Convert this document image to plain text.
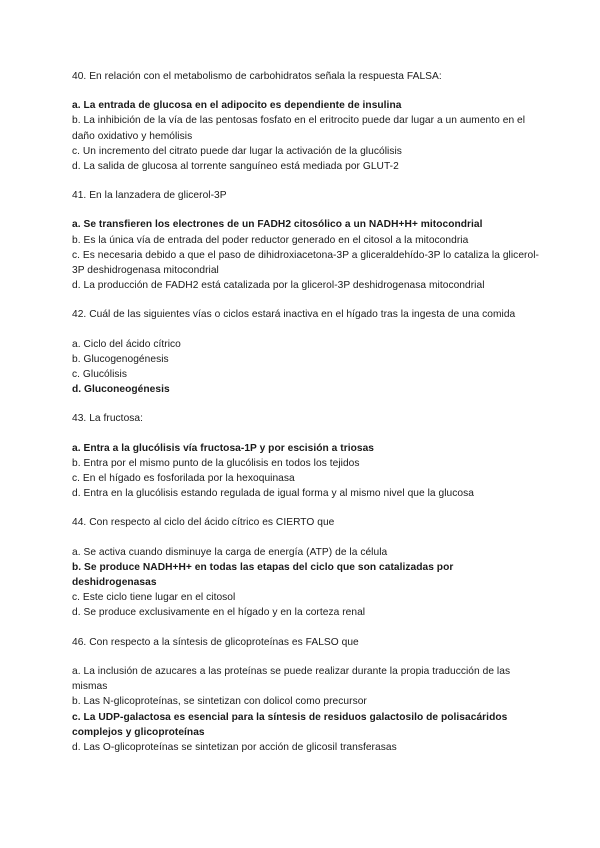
40. En relación con el metabolismo de carbohidratos señala la respuesta FALSA:

a. La entrada de glucosa en el adipocito es dependiente de insulina

b. La inhibición de la vía de las pentosas fosfato en el eritrocito puede dar lugar a un aumento en el daño oxidativo y hemólisis

c. Un incremento del citrato puede dar lugar la activación de la glucólisis

d. La salida de glucosa al torrente sanguíneo está mediada por GLUT-2

41. En la lanzadera de glicerol-3P

a. Se transfieren los electrones de un FADH2 citosólico a un NADH+H+ mitocondrial

b. Es la única vía de entrada del poder reductor generado en el citosol a la mitocondria

c. Es necesaria debido a que el paso de dihidroxiacetona-3P a gliceraldehído-3P lo cataliza la glicerol-3P deshidrogenasa mitocondrial

d. La producción de FADH2 está catalizada por la glicerol-3P deshidrogenasa mitocondrial

42. Cuál de las siguientes vías o ciclos estará inactiva en el hígado tras la ingesta de una comida

a. Ciclo del ácido cítrico

b. Glucogenogénesis

c. Glucólisis

d. Gluconeogénesis

43. La fructosa:

a. Entra a la glucólisis vía fructosa-1P y por escisión a triosas

b. Entra por el mismo punto de la glucólisis en todos los tejidos

c. En el hígado es fosforilada por la hexoquinasa

d. Entra en la glucólisis estando regulada de igual forma y al mismo nivel que la glucosa

44. Con respecto al ciclo del ácido cítrico es CIERTO que

a. Se activa cuando disminuye la carga de energía (ATP) de la célula

b. Se produce NADH+H+ en todas las etapas del ciclo que son catalizadas por deshidrogenasas

c. Este ciclo tiene lugar en el citosol

d. Se produce exclusivamente en el hígado y en la corteza renal

46. Con respecto a la síntesis de glicoproteínas es FALSO que

a. La inclusión de azucares a las proteínas se puede realizar durante la propia traducción de las mismas

b. Las N-glicoproteínas, se sintetizan con dolicol como precursor

c. La UDP-galactosa es esencial para la síntesis de residuos galactosilo de polisacáridos complejos y glicoproteínas

d. Las O-glicoproteínas se sintetizan por acción de glicosil transferasas
